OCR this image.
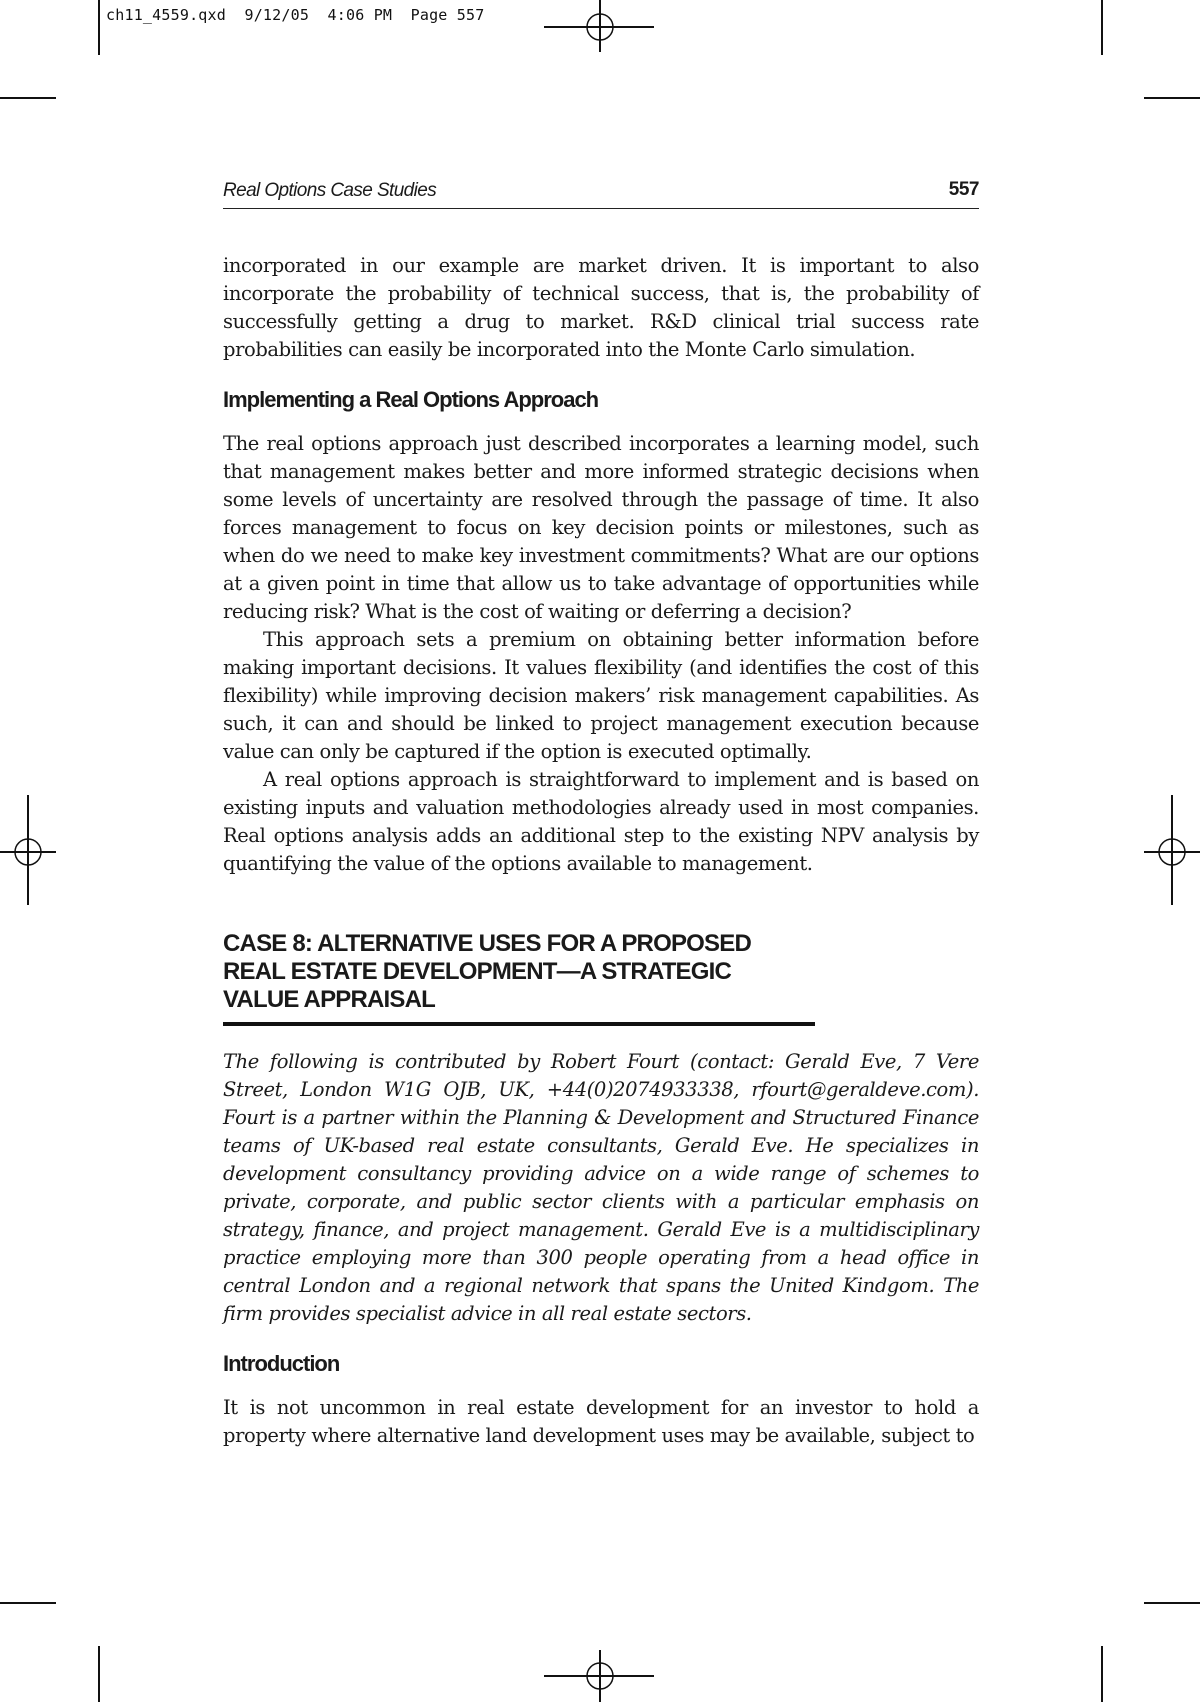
ch11_4559.qxd  9/12/05  4:06 PM  Page 557
Real Options Case Studies	557

incorporated in our example are market driven. It is important to also incorporate the probability of technical success, that is, the probability of successfully getting a drug to market. R&D clinical trial success rate probabilities can easily be incorporated into the Monte Carlo simulation.

Implementing a Real Options Approach

The real options approach just described incorporates a learning model, such that management makes better and more informed strategic decisions when some levels of uncertainty are resolved through the passage of time. It also forces management to focus on key decision points or milestones, such as when do we need to make key investment commitments? What are our options at a given point in time that allow us to take advantage of opportunities while reducing risk? What is the cost of waiting or deferring a decision?

This approach sets a premium on obtaining better information before making important decisions. It values flexibility (and identifies the cost of this flexibility) while improving decision makers’ risk management capabilities. As such, it can and should be linked to project management execution because value can only be captured if the option is executed optimally.

A real options approach is straightforward to implement and is based on existing inputs and valuation methodologies already used in most companies. Real options analysis adds an additional step to the existing NPV analysis by quantifying the value of the options available to management.

CASE 8: ALTERNATIVE USES FOR A PROPOSED
REAL ESTATE DEVELOPMENT—A STRATEGIC
VALUE APPRAISAL

The following is contributed by Robert Fourt (contact: Gerald Eve, 7 Vere Street, London W1G OJB, UK, +44(0)2074933338, rfourt@geraldeve.com). Fourt is a partner within the Planning & Development and Structured Finance teams of UK-based real estate consultants, Gerald Eve. He specializes in development consultancy providing advice on a wide range of schemes to private, corporate, and public sector clients with a particular emphasis on strategy, finance, and project management. Gerald Eve is a multidisciplinary practice employing more than 300 people operating from a head office in central London and a regional network that spans the United Kindgom. The firm provides specialist advice in all real estate sectors.

Introduction

It is not uncommon in real estate development for an investor to hold a property where alternative land development uses may be available, subject to
